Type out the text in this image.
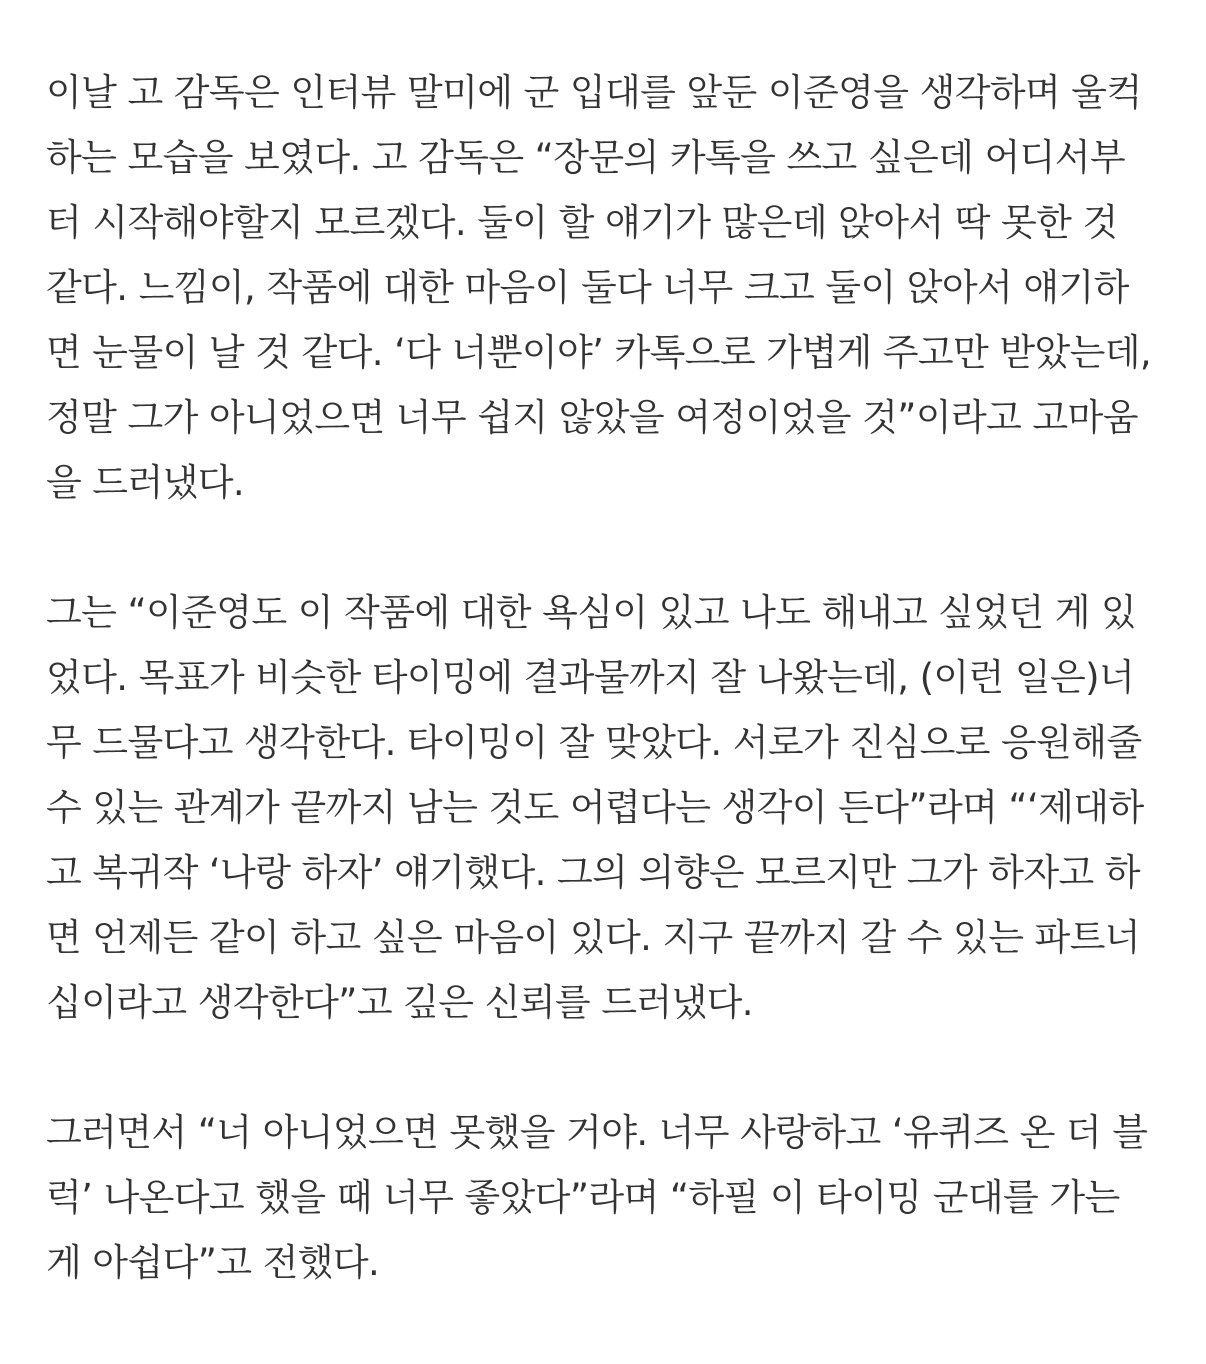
이날 고 감독은 인터뷰 말미에 군 입대를 앞둔 이준영을 생각하며 울컥
하는 모습을 보였다. 고 감독은 “장문의 카톡을 쓰고 싶은데 어디서부
터 시작해야할지 모르겠다. 둘이 할 얘기가 많은데 앉아서 딱 못한 것
같다. 느낌이, 작품에 대한 마음이 둘다 너무 크고 둘이 앉아서 얘기하
면 눈물이 날 것 같다. ‘다 너뿐이야’ 카톡으로 가볍게 주고만 받았는데,
정말 그가 아니었으면 너무 쉽지 않았을 여정이었을 것”이라고 고마움
을 드러냈다.
그는 “이준영도 이 작품에 대한 욕심이 있고 나도 해내고 싶었던 게 있
었다. 목표가 비슷한 타이밍에 결과물까지 잘 나왔는데, (이런 일은)너
무 드물다고 생각한다. 타이밍이 잘 맞았다. 서로가 진심으로 응원해줄
수 있는 관계가 끝까지 남는 것도 어렵다는 생각이 든다”라며 “‘제대하
고 복귀작 ‘나랑 하자’ 얘기했다. 그의 의향은 모르지만 그가 하자고 하
면 언제든 같이 하고 싶은 마음이 있다. 지구 끝까지 갈 수 있는 파트너
십이라고 생각한다”고 깊은 신뢰를 드러냈다.
그러면서 “너 아니었으면 못했을 거야. 너무 사랑하고 ‘유퀴즈 온 더 블
럭’ 나온다고 했을 때 너무 좋았다”라며 “하필 이 타이밍 군대를 가는
게 아쉽다”고 전했다.
